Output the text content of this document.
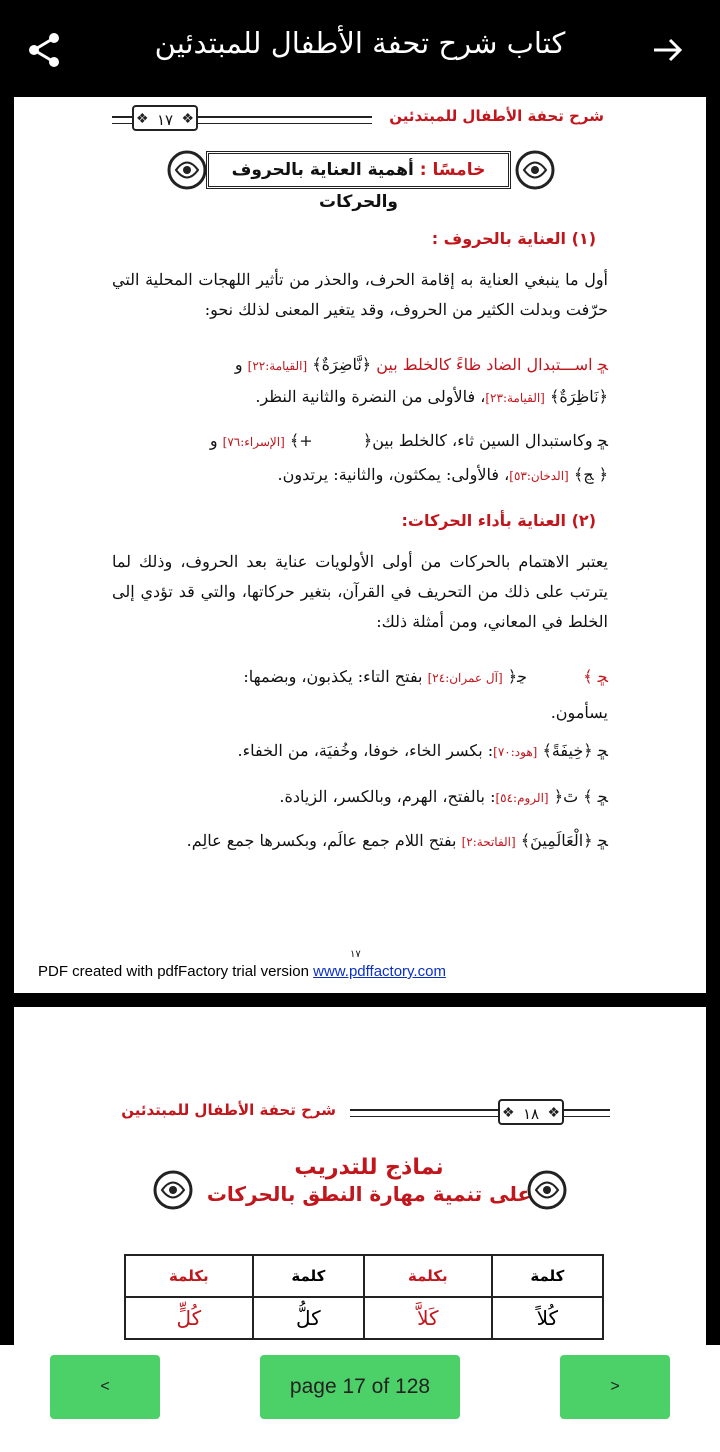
كتاب شرح تحفة الأطفال للمبتدئين
شرح تحفة الأطفال للمبتدئين
❖ ١٧ ❖
خامسًا : أهمية العناية بالحروف والحركات
(١) العناية بالحروف :
أول ما ينبغي العناية به إقامة الحرف، والحذر من تأثير اللهجات المحلية التي حرّفت وبدلت الكثير من الحروف، وقد يتغير المعنى لذلك نحو:
ﮁ اســـتبدال الضاد ظاءً كالخلط بين ﴿نَّاضِرَةٌ﴾ [القيامة:٢٢] و
﴿نَاظِرَةٌ﴾ [القيامة:٢٣]، فالأولى من النضرة والثانية النظر.
ﮁ وكاستبدال السين ثاء، كالخلط بين﴿  +﴾ [الإسراء:٧٦] و
﴿ ﭷ﴾ [الدخان:٥٣]، فالأولى: يمكثون، والثانية: يرتدون.
(٢) العناية بأداء الحركات:
يعتبر الاهتمام بالحركات من أولى الأولويات عناية بعد الحروف، وذلك لما يترتب على ذلك من التحريف في القرآن، بتغير حركاتها، والتي قد تؤدي إلى الخلط في المعاني، ومن أمثلة ذلك:
ﮁ ﴾  ﭸ﴿ [آل عمران:٢٤] بفتح التاء: يكذبون، وبضمها:
يسأمون.
ﮁ ﴿خِيفَةً﴾ [هود:٧٠]: بكسر الخاء، خوفا، وخُفيَة، من الخفاء.
ﮁ ﴾ ﭢ﴿ [الروم:٥٤]: بالفتح، الهرم، وبالكسر، الزيادة.
ﮁ ﴿الْعَالَمِينَ﴾ [الفاتحة:٢] بفتح اللام جمع عالَم، وبكسرها جمع عالِم.
١٧
PDF created with pdfFactory trial version www.pdffactory.com
شرح تحفة الأطفال للمبتدئين	❖ ١٨ ❖
نماذج للتدريب
على تنمية مهارة النطق بالحركات
بكلمة	كلمة	بكلمة	كلمة
كُلٍّ	كلُّ	كَلاَّ	كُلاً
<	page 17 of 128	>
